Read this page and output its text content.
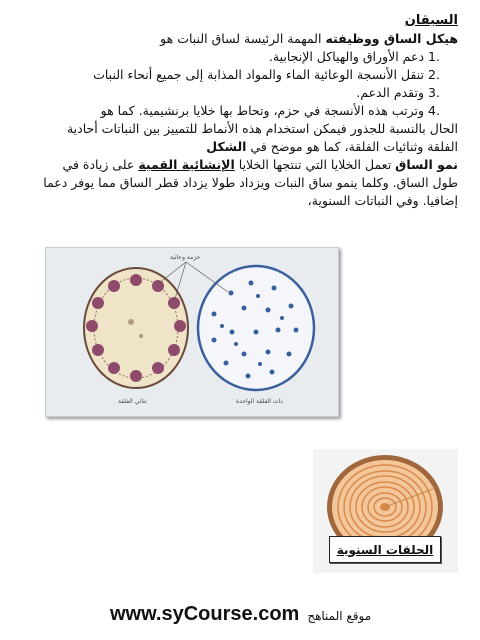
السيقان
هيكل الساق ووظيفته المهمة الرئيسة لساق النبات هو
.1 دعم الأوراق والهياكل الإنجابية.
.2 تنقل الأنسجة الوعائية الماء والمواد المذابة إلى جميع أنحاء النبات
.3 وتقدم الدعم.
.4 وترتب هذه الأنسجة في حزم، وتحاط بها خلايا برنشيمية. كما هو
الحال بالنسبة للجذور فيمكن استخدام هذه الأنماط للتمييز بين النباتات أحادية
الفلقة وثنائيات الفلقة، كما هو موضح في الشكل
نمو الساق تعمل الخلايا التي تنتجها الخلايا الإنشائية القمية على زيادة في
طول الساق. وكلما ينمو ساق النبات ويزداد طولا يزداد قطر الساق مما يوفر دعما
إضافيا. وفي النباتات السنوية،
حزمة وعائية
ثنائي الفلقة	ذات الفلقة الواحدة
الحلقات السنوية
www.syCourse.com موقع المناهج
